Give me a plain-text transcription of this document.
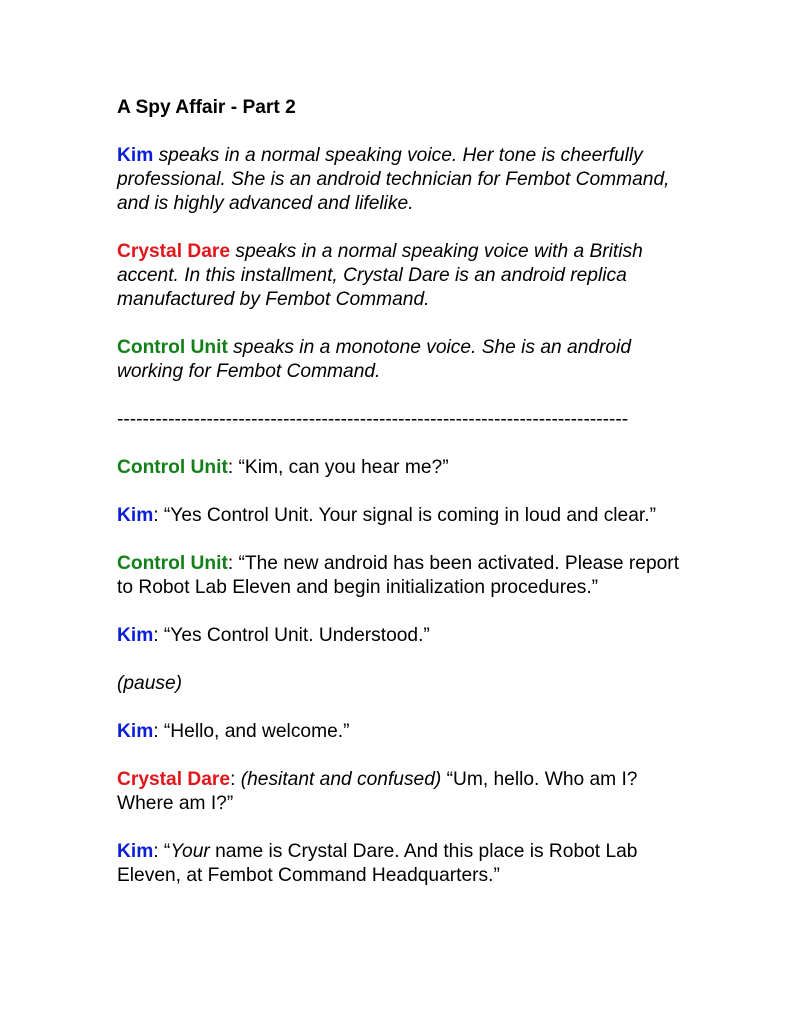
A Spy Affair - Part 2
Kim speaks in a normal speaking voice. Her tone is cheerfully professional. She is an android technician for Fembot Command, and is highly advanced and lifelike.
Crystal Dare speaks in a normal speaking voice with a British accent. In this installment, Crystal Dare is an android replica manufactured by Fembot Command.
Control Unit speaks in a monotone voice. She is an android working for Fembot Command.
--------------------------------------------------------------------------------
Control Unit: “Kim, can you hear me?”
Kim: “Yes Control Unit. Your signal is coming in loud and clear.”
Control Unit: “The new android has been activated. Please report to Robot Lab Eleven and begin initialization procedures.”
Kim: “Yes Control Unit. Understood.”
(pause)
Kim: “Hello, and welcome.”
Crystal Dare: (hesitant and confused) “Um, hello. Who am I? Where am I?”
Kim: “Your name is Crystal Dare. And this place is Robot Lab Eleven, at Fembot Command Headquarters.”
